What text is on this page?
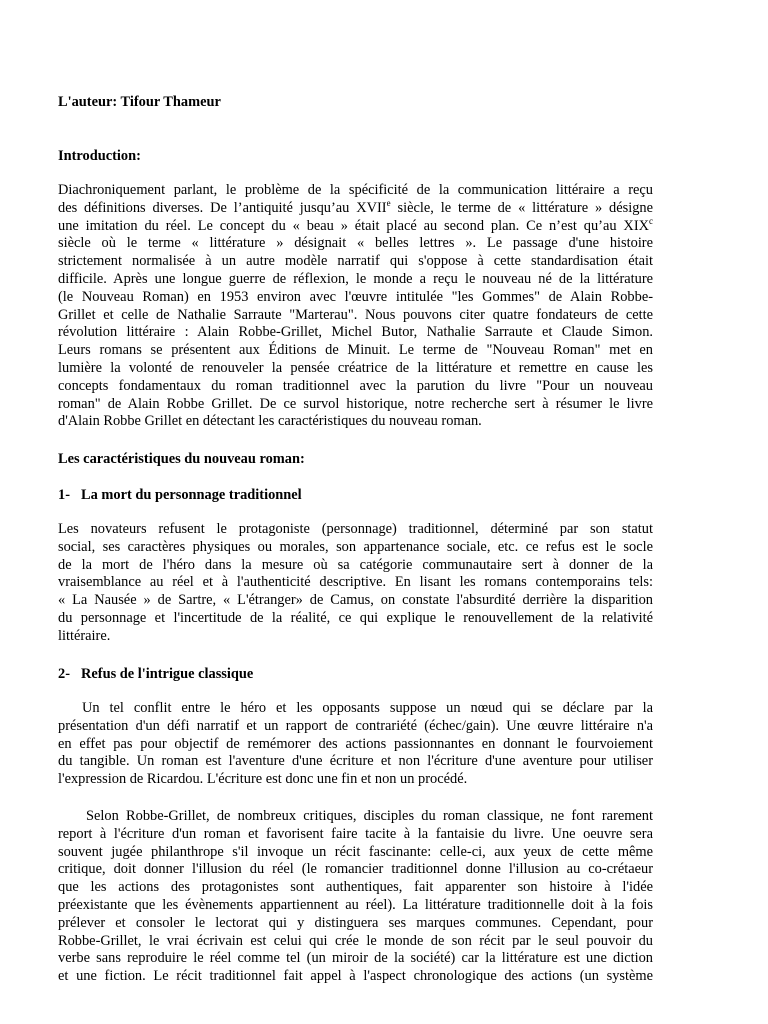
L'auteur: Tifour Thameur
Introduction:
Diachroniquement parlant, le problème de la spécificité de la communication littéraire a reçu
des définitions diverses. De l’antiquité jusqu’au XVIIe siècle, le terme de « littérature » désigne
une imitation du réel. Le concept du « beau » était placé au second plan. Ce n’est qu’au XIX$^c$
siècle où le terme « littérature » désignait « belles lettres ». Le passage d'une histoire
strictement normalisée à un autre modèle narratif qui s'oppose à cette standardisation était
difficile. Après une longue guerre de réflexion, le monde a reçu le nouveau né de la littérature
(le Nouveau Roman) en 1953 environ avec l'œuvre intitulée "les Gommes" de Alain Robbe-
Grillet et celle de Nathalie Sarraute "Marterau". Nous pouvons citer quatre fondateurs de cette
révolution littéraire : Alain Robbe-Grillet, Michel Butor, Nathalie Sarraute et Claude Simon.
Leurs romans se présentent aux Éditions de Minuit. Le terme de "Nouveau Roman" met en
lumière la volonté de renouveler la pensée créatrice de la littérature et remettre en cause les
concepts fondamentaux du roman traditionnel avec la parution du livre "Pour un nouveau
roman" de Alain Robbe Grillet. De ce survol historique, notre recherche sert à résumer le livre
d'Alain Robbe Grillet en détectant les caractéristiques du nouveau roman.
Les caractéristiques du nouveau roman:
1- La mort du personnage traditionnel
Les novateurs refusent le protagoniste (personnage) traditionnel, déterminé par son statut
social, ses caractères physiques ou morales, son appartenance sociale, etc. ce refus est le socle
de la mort de l'héro dans la mesure où sa catégorie communautaire sert à donner de la
vraisemblance au réel et à l'authenticité descriptive. En lisant les romans contemporains tels:
« La Nausée » de Sartre, « L'étranger» de Camus, on constate l'absurdité derrière la disparition
du personnage et l'incertitude de la réalité, ce qui explique le renouvellement de la relativité
littéraire.
2- Refus de l'intrigue classique
Un tel conflit entre le héro et les opposants suppose un nœud qui se déclare par la
présentation d'un défi narratif et un rapport de contrariété (échec/gain). Une œuvre littéraire n'a
en effet pas pour objectif de remémorer des actions passionnantes en donnant le fourvoiement
du tangible. Un roman est l'aventure d'une écriture et non l'écriture d'une aventure pour utiliser
l'expression de Ricardou. L'écriture est donc une fin et non un procédé.
Selon Robbe-Grillet, de nombreux critiques, disciples du roman classique, ne font rarement
report à l'écriture d'un roman et favorisent faire tacite à la fantaisie du livre. Une oeuvre sera
souvent jugée philanthrope s'il invoque un récit fascinante: celle-ci, aux yeux de cette même
critique, doit donner l'illusion du réel (le romancier traditionnel donne l'illusion au co-crétaeur
que les actions des protagonistes sont authentiques, fait apparenter son histoire à l'idée
préexistante que les évènements appartiennent au réel). La littérature traditionnelle doit à la fois
prélever et consoler le lectorat qui y distinguera ses marques communes. Cependant, pour
Robbe-Grillet, le vrai écrivain est celui qui crée le monde de son récit par le seul pouvoir du
verbe sans reproduire le réel comme tel (un miroir de la société) car la littérature est une diction
et une fiction. Le récit traditionnel fait appel à l'aspect chronologique des actions (un système
